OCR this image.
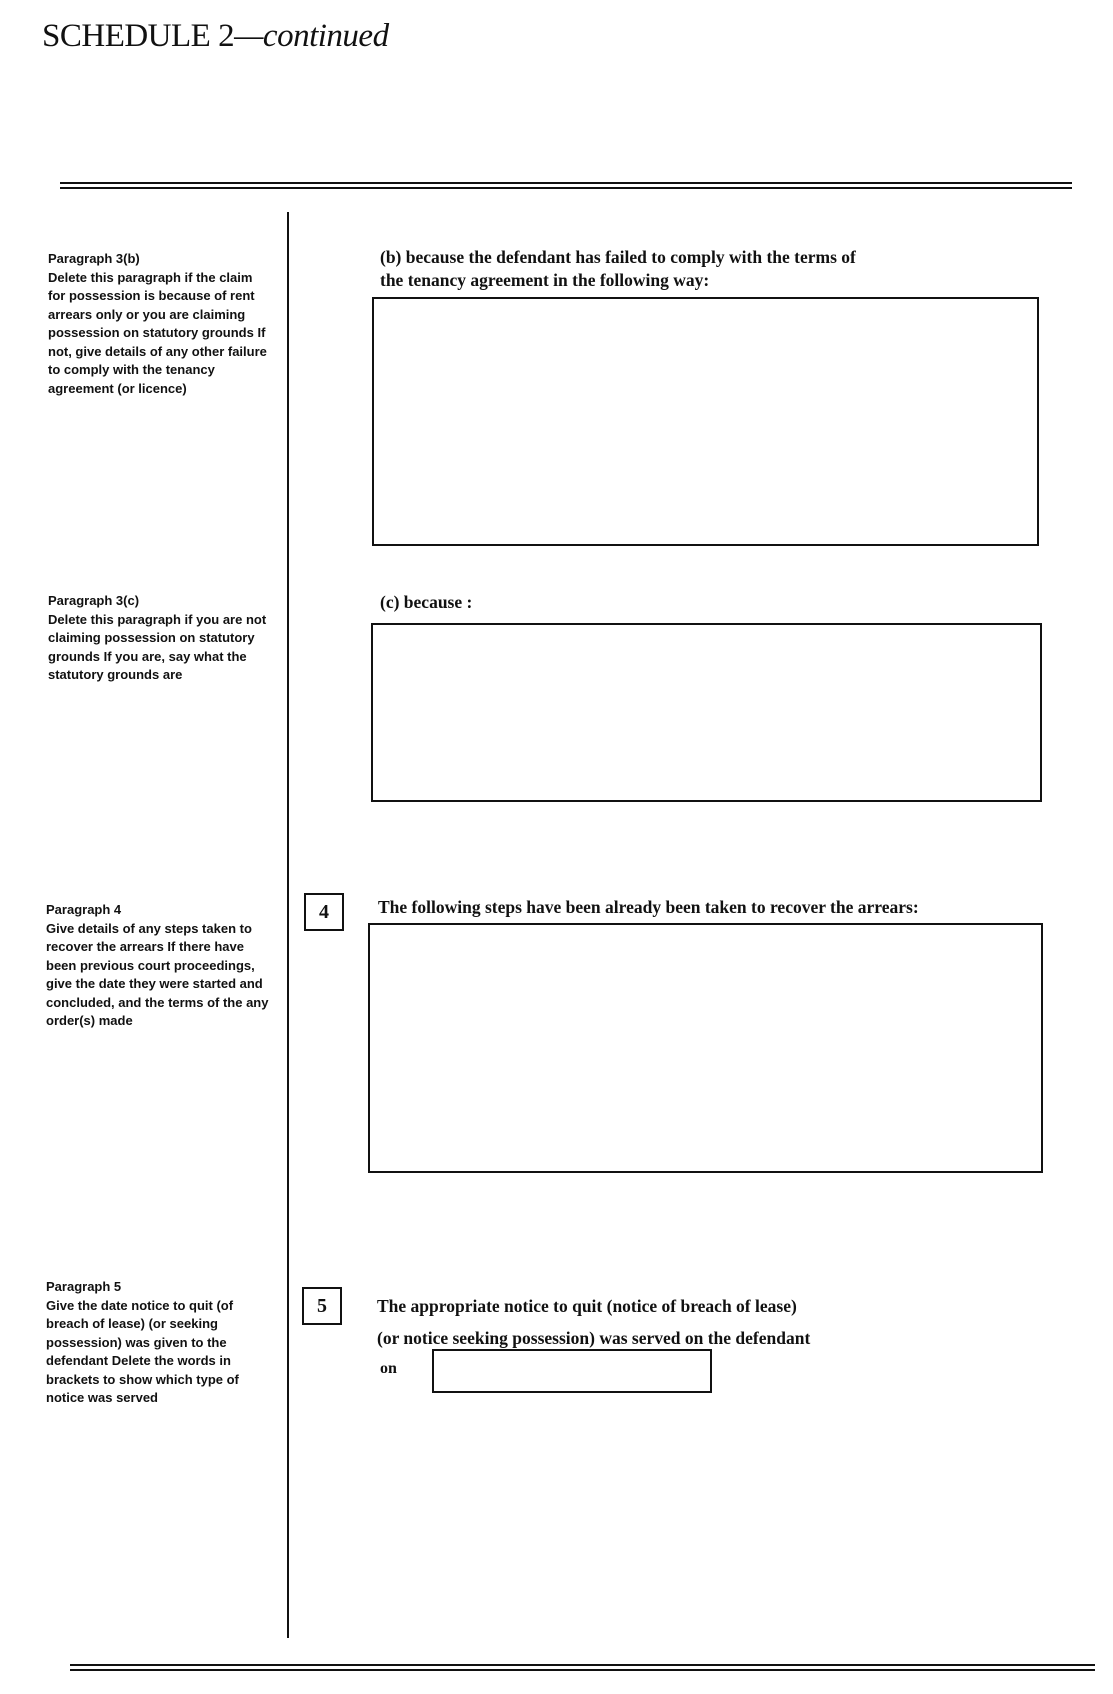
SCHEDULE 2—continued
Paragraph 3(b)
Delete this paragraph if the claim for possession is because of rent arrears only or you are claiming possession on statutory grounds If not, give details of any other failure to comply with the tenancy agreement (or licence)
(b) because the defendant has failed to comply with the terms of
the tenancy agreement in the following way:
Paragraph 3(c)
Delete this paragraph if you are not claiming possession on statutory grounds If you are, say what the statutory grounds are
(c) because :
Paragraph 4
Give details of any steps taken to recover the arrears If there have been previous court proceedings, give the date they were started and concluded, and the terms of the any order(s) made
4	The following steps have been already been taken to recover the arrears:
Paragraph 5
Give the date notice to quit (of breach of lease) (or seeking possession) was given to the defendant Delete the words in brackets to show which type of notice was served
5	The appropriate notice to quit (notice of breach of lease)
(or notice seeking possession) was served on the defendant
on
